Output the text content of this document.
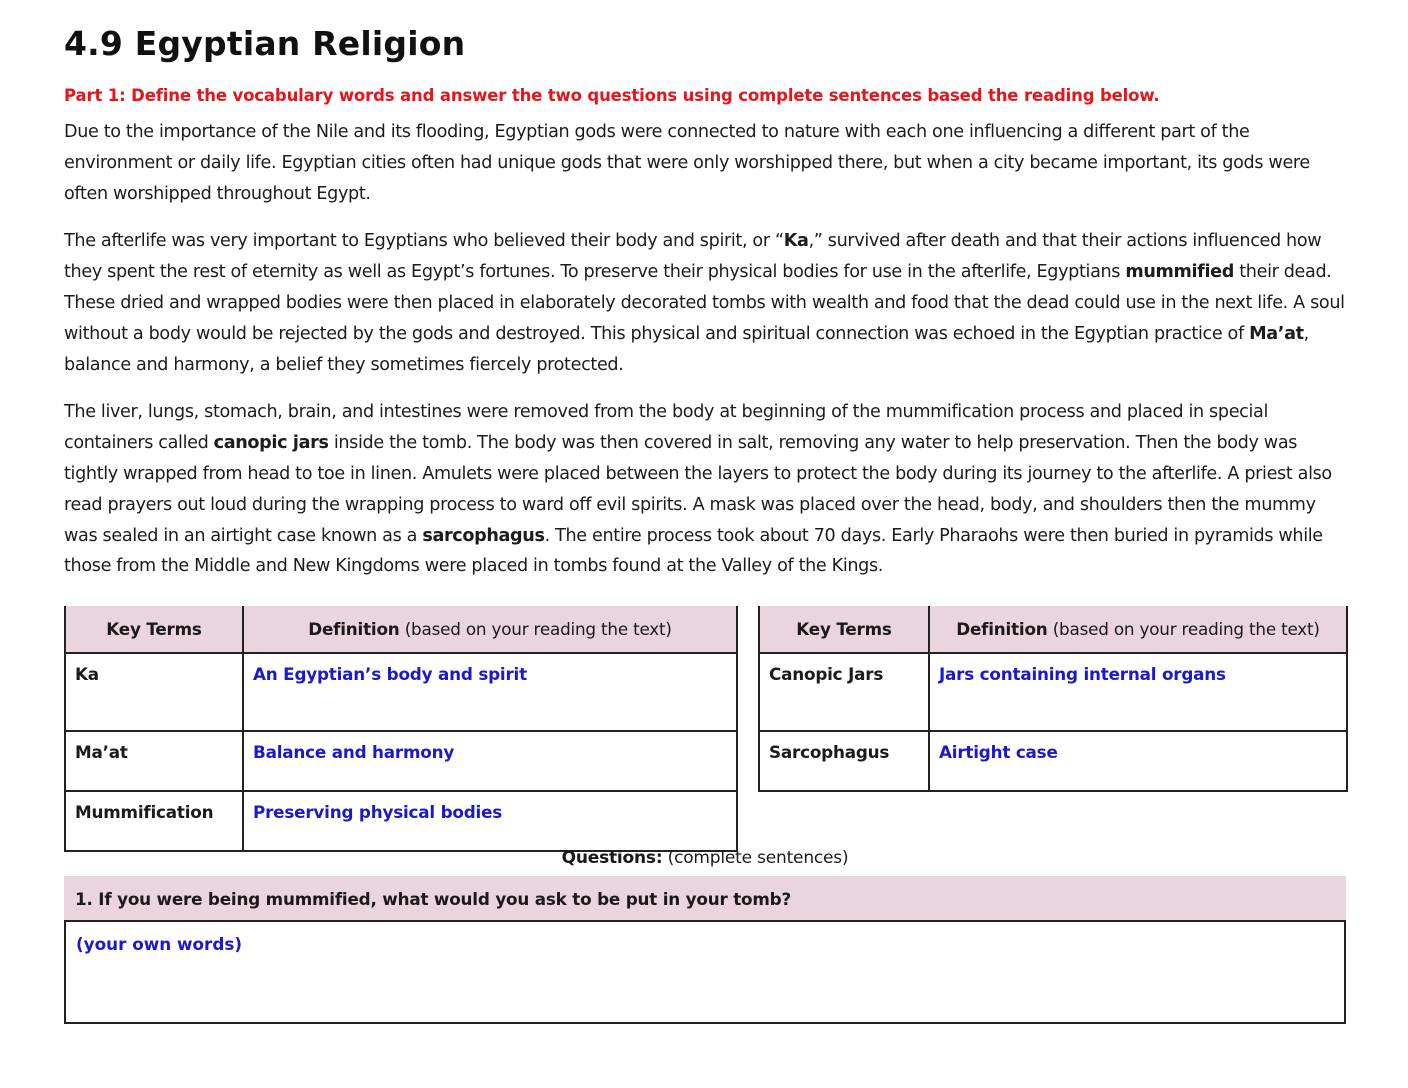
4.9 Egyptian Religion
Part 1: Define the vocabulary words and answer the two questions using complete sentences based the reading below.

Due to the importance of the Nile and its flooding, Egyptian gods were connected to nature with each one influencing a different part of the environment or daily life. Egyptian cities often had unique gods that were only worshipped there, but when a city became important, its gods were often worshipped throughout Egypt.

The afterlife was very important to Egyptians who believed their body and spirit, or “Ka,” survived after death and that their actions influenced how they spent the rest of eternity as well as Egypt’s fortunes. To preserve their physical bodies for use in the afterlife, Egyptians mummified their dead. These dried and wrapped bodies were then placed in elaborately decorated tombs with wealth and food that the dead could use in the next life. A soul without a body would be rejected by the gods and destroyed. This physical and spiritual connection was echoed in the Egyptian practice of Ma’at, balance and harmony, a belief they sometimes fiercely protected.

The liver, lungs, stomach, brain, and intestines were removed from the body at beginning of the mummification process and placed in special containers called canopic jars inside the tomb. The body was then covered in salt, removing any water to help preservation. Then the body was tightly wrapped from head to toe in linen. Amulets were placed between the layers to protect the body during its journey to the afterlife. A priest also read prayers out loud during the wrapping process to ward off evil spirits. A mask was placed over the head, body, and shoulders then the mummy was sealed in an airtight case known as a sarcophagus. The entire process took about 70 days. Early Pharaohs were then buried in pyramids while those from the Middle and New Kingdoms were placed in tombs found at the Valley of the Kings.

Key Terms	Definition (based on your reading the text)
Ka	An Egyptian’s body and spirit
Ma’at	Balance and harmony
Mummification	Preserving physical bodies
Key Terms	Definition (based on your reading the text)
Canopic Jars	Jars containing internal organs
Sarcophagus	Airtight case
Questions: (complete sentences)
1. If you were being mummified, what would you ask to be put in your tomb?
(your own words)
